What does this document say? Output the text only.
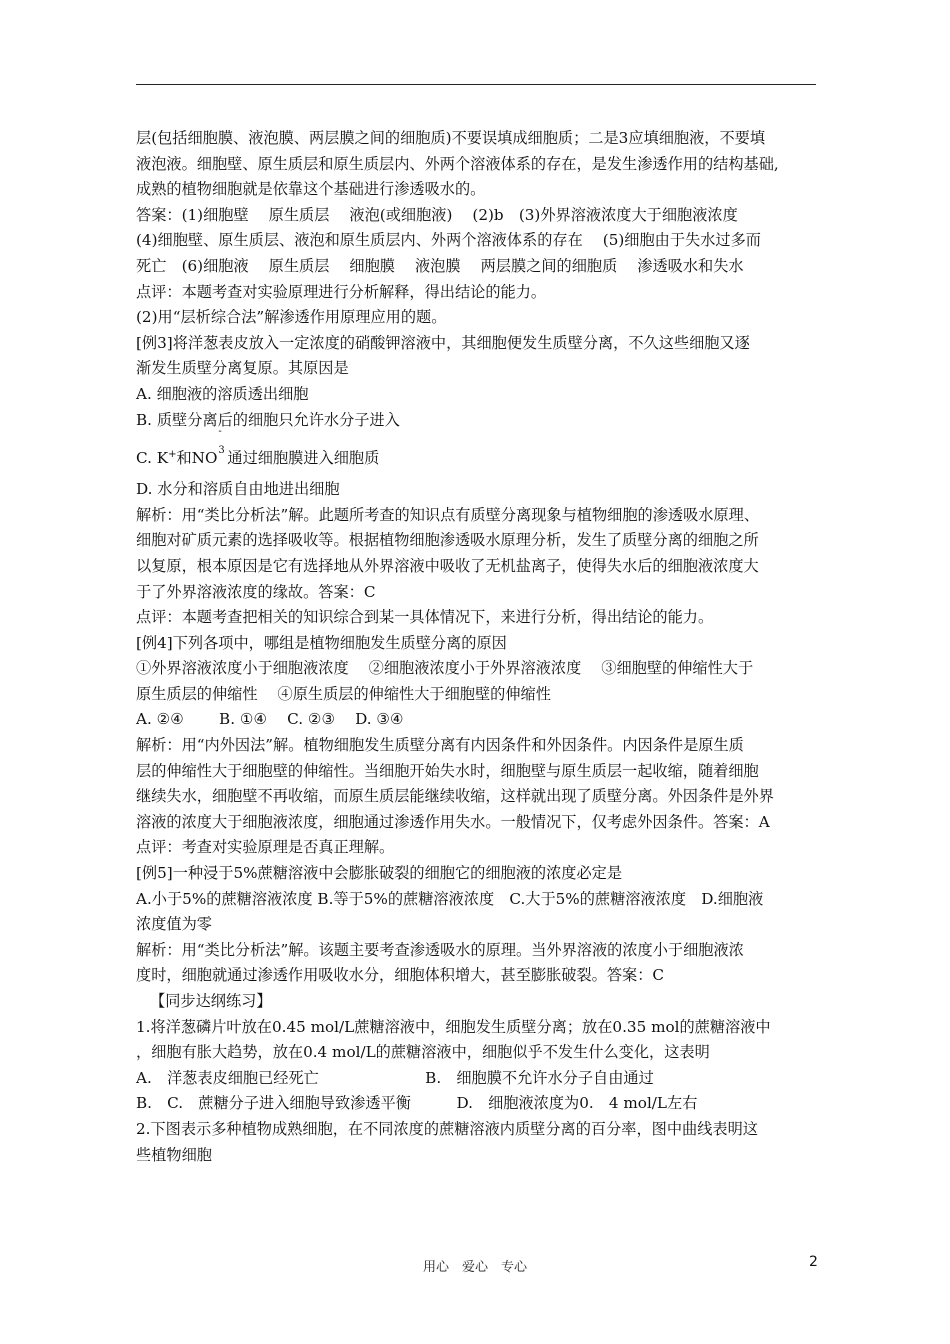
层(包括细胞膜、液泡膜、两层膜之间的细胞质)不要误填成细胞质；二是3应填细胞液，不要填
液泡液。细胞壁、原生质层和原生质层内、外两个溶液体系的存在，是发生渗透作用的结构基础,
成熟的植物细胞就是依靠这个基础进行渗透吸水的。
答案：(1)细胞壁　 原生质层　 液泡(或细胞液)　 (2)b　(3)外界溶液浓度大于细胞液浓度
(4)细胞壁、原生质层、液泡和原生质层内、外两个溶液体系的存在　 (5)细胞由于失水过多而
死亡　(6)细胞液　 原生质层　 细胞膜　 液泡膜　 两层膜之间的细胞质　 渗透吸水和失水
点评：本题考查对实验原理进行分析解释，得出结论的能力。
(2)用“层析综合法”解渗透作用原理应用的题。
[例3]将洋葱表皮放入一定浓度的硝酸钾溶液中，其细胞便发生质壁分离，不久这些细胞又逐
渐发生质壁分离复原。其原因是
A. 细胞液的溶质透出细胞
B. 质壁分离后的细胞只允许水分子进入
C. K+和NO
-
3 通过细胞膜进入细胞质
D. 水分和溶质自由地进出细胞
解析：用“类比分析法”解。此题所考查的知识点有质壁分离现象与植物细胞的渗透吸水原理、
细胞对矿质元素的选择吸收等。根据植物细胞渗透吸水原理分析，发生了质壁分离的细胞之所
以复原，根本原因是它有选择地从外界溶液中吸收了无机盐离子，使得失水后的细胞液浓度大
于了外界溶液浓度的缘故。答案：C
点评：本题考查把相关的知识综合到某一具体情况下，来进行分析，得出结论的能力。
[例4]下列各项中，哪组是植物细胞发生质壁分离的原因
①外界溶液浓度小于细胞液浓度　 ②细胞液浓度小于外界溶液浓度　 ③细胞壁的伸缩性大于
原生质层的伸缩性　 ④原生质层的伸缩性大于细胞壁的伸缩性
A. ②④　　 B. ①④　 C. ②③　 D. ③④
解析：用“内外因法”解。植物细胞发生质壁分离有内因条件和外因条件。内因条件是原生质
层的伸缩性大于细胞壁的伸缩性。当细胞开始失水时，细胞壁与原生质层一起收缩，随着细胞
继续失水，细胞壁不再收缩，而原生质层能继续收缩，这样就出现了质壁分离。外因条件是外界
溶液的浓度大于细胞液浓度，细胞通过渗透作用失水。一般情况下，仅考虑外因条件。答案：A
点评：考查对实验原理是否真正理解。
[例5]一种浸于5%蔗糖溶液中会膨胀破裂的细胞它的细胞液的浓度必定是
A.小于5%的蔗糖溶液浓度 B.等于5%的蔗糖溶液浓度　C.大于5%的蔗糖溶液浓度　D.细胞液
浓度值为零
解析：用“类比分析法”解。该题主要考查渗透吸水的原理。当外界溶液的浓度小于细胞液浓
度时，细胞就通过渗透作用吸收水分，细胞体积增大，甚至膨胀破裂。答案：C
【同步达纲练习】
1.将洋葱磷片叶放在0.45 mol/L蔗糖溶液中，细胞发生质壁分离；放在0.35 mol的蔗糖溶液中
，细胞有胀大趋势，放在0.4 mol/L的蔗糖溶液中，细胞似乎不发生什么变化，这表明
A.　洋葱表皮细胞已经死亡　　　　　　　B.　细胞膜不允许水分子自由通过
B.　C.　蔗糖分子进入细胞导致渗透平衡　　　D.　细胞液浓度为0.　4 mol/L左右
2.下图表示多种植物成熟细胞，在不同浓度的蔗糖溶液内质壁分离的百分率，图中曲线表明这
些植物细胞
用心　爱心　专心	2
